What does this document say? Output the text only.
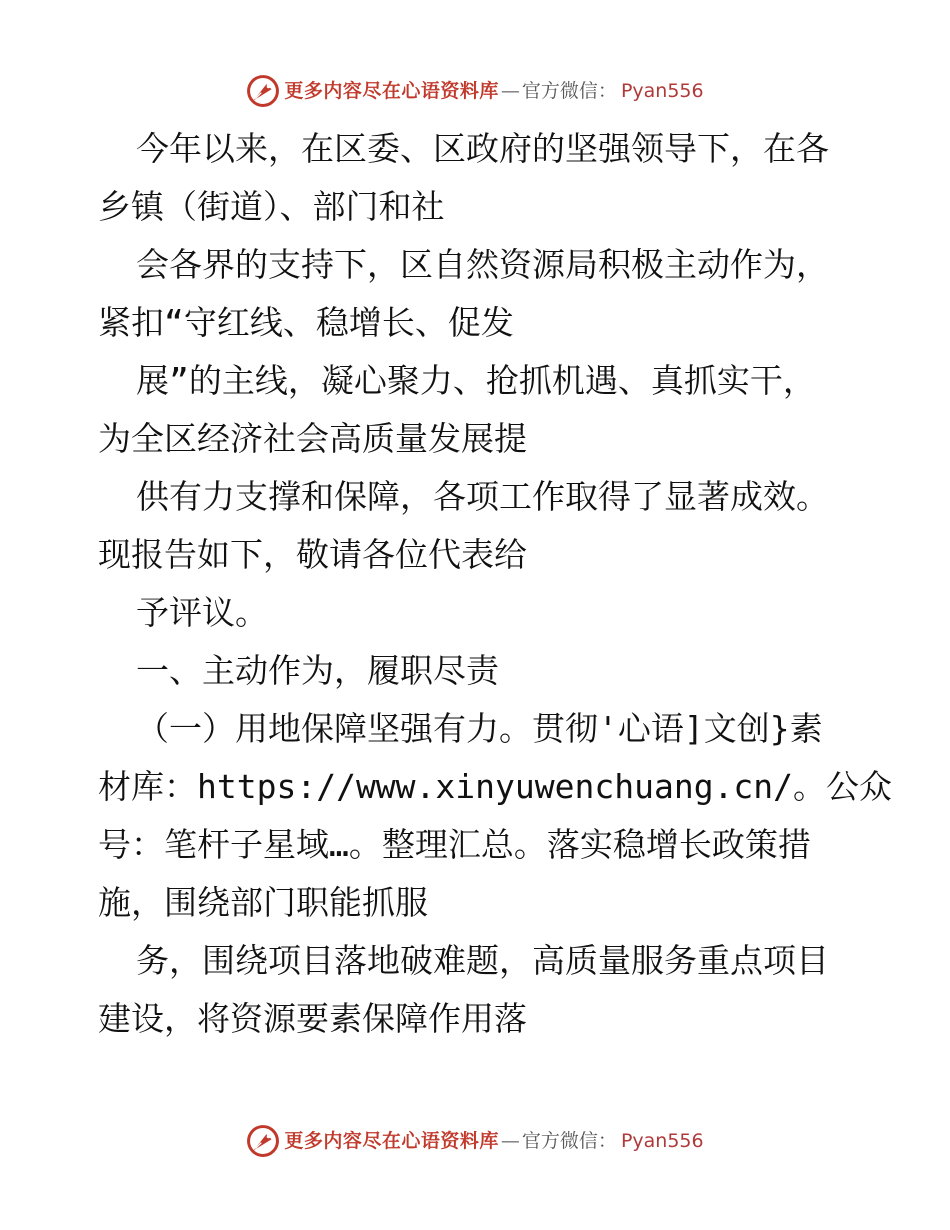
更多内容尽在心语资料库 — 官方微信： Pyan556
今年以来，在区委、区政府的坚强领导下，在各
乡镇（街道）、部门和社
会各界的支持下，区自然资源局积极主动作为，
紧扣“守红线、稳增长、促发
展”的主线，凝心聚力、抢抓机遇、真抓实干，
为全区经济社会高质量发展提
供有力支撑和保障，各项工作取得了显著成效。
现报告如下，敬请各位代表给
予评议。
一、主动作为，履职尽责
（一）用地保障坚强有力。贯彻'心语]文创}素
材库：https://www.xinyuwenchuang.cn/。公众
号：笔杆子星域…。整理汇总。落实稳增长政策措
施，围绕部门职能抓服
务，围绕项目落地破难题，高质量服务重点项目
建设，将资源要素保障作用落
更多内容尽在心语资料库 — 官方微信： Pyan556
